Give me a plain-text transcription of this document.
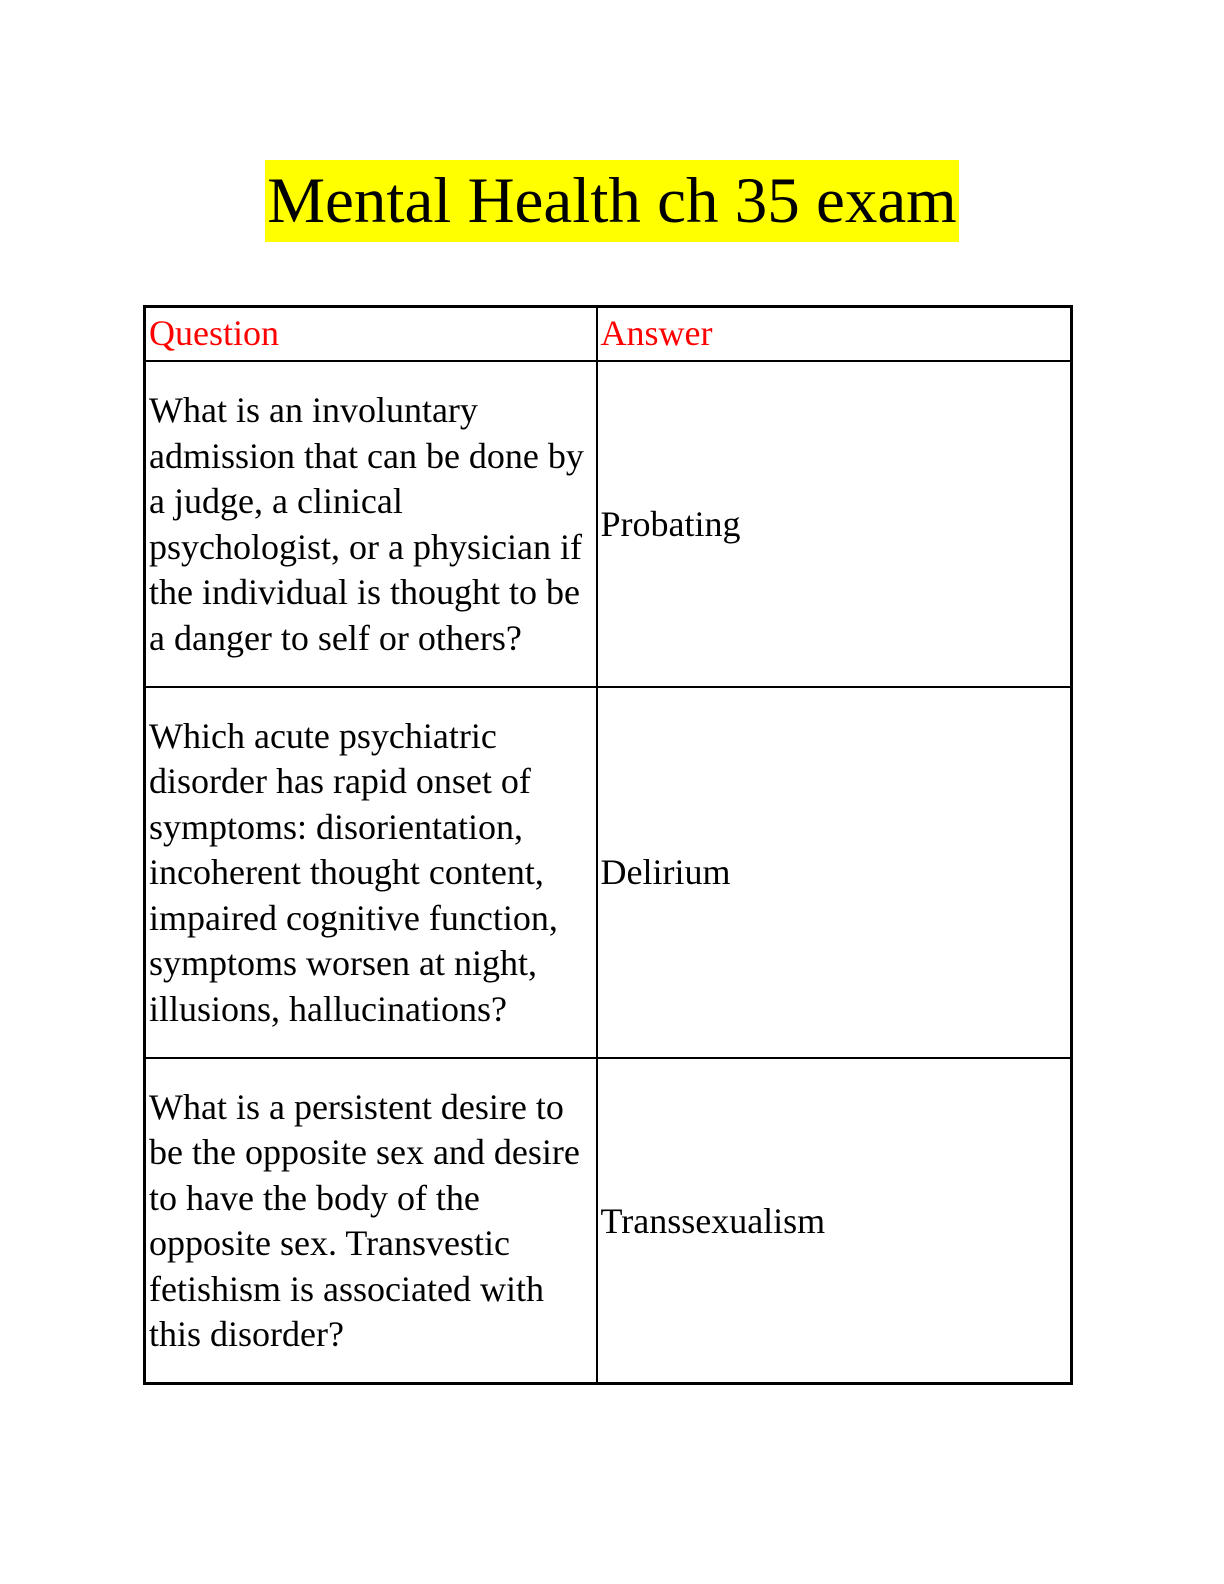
Mental Health ch 35 exam
Question	Answer
What is an involuntary admission that can be done by a judge, a clinical psychologist, or a physician if the individual is thought to be a danger to self or others?	Probating
Which acute psychiatric disorder has rapid onset of symptoms: disorientation, incoherent thought content, impaired cognitive function, symptoms worsen at night, illusions, hallucinations?	Delirium
What is a persistent desire to be the opposite sex and desire to have the body of the opposite sex. Transvestic fetishism is associated with this disorder?	Transsexualism
